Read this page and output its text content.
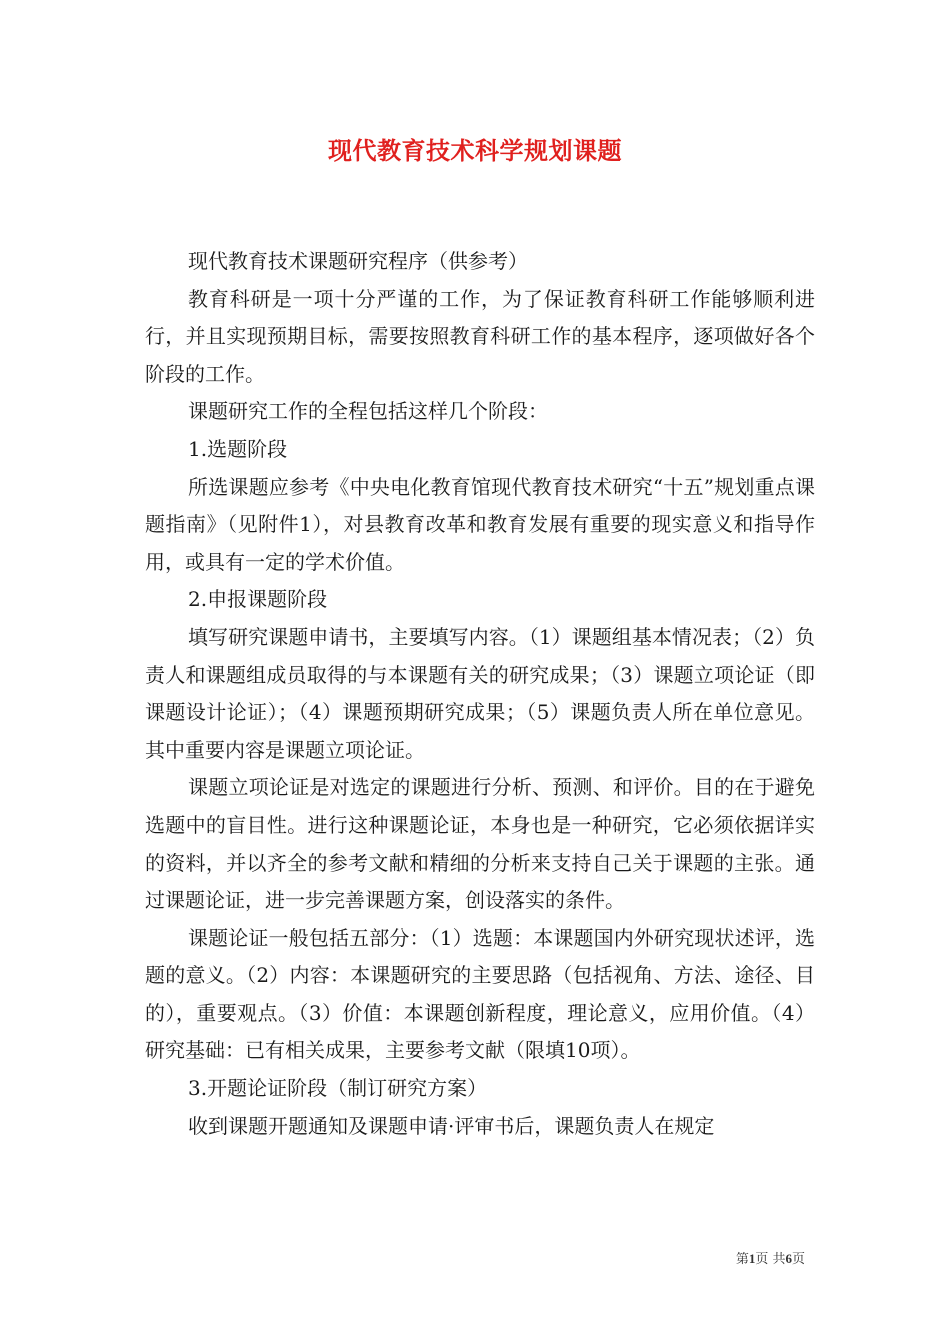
现代教育技术科学规划课题

现代教育技术课题研究程序（供参考）

教育科研是一项十分严谨的工作，为了保证教育科研工作能够顺利进行，并且实现预期目标，需要按照教育科研工作的基本程序，逐项做好各个阶段的工作。

课题研究工作的全程包括这样几个阶段：

1.选题阶段

所选课题应参考《中央电化教育馆现代教育技术研究“十五”规划重点课题指南》（见附件1），对县教育改革和教育发展有重要的现实意义和指导作用，或具有一定的学术价值。

2.申报课题阶段

填写研究课题申请书，主要填写内容。（1）课题组基本情况表；（2）负责人和课题组成员取得的与本课题有关的研究成果；（3）课题立项论证（即课题设计论证）；（4）课题预期研究成果；（5）课题负责人所在单位意见。其中重要内容是课题立项论证。

课题立项论证是对选定的课题进行分析、预测、和评价。目的在于避免选题中的盲目性。进行这种课题论证，本身也是一种研究，它必须依据详实的资料，并以齐全的参考文献和精细的分析来支持自己关于课题的主张。通过课题论证，进一步完善课题方案，创设落实的条件。

课题论证一般包括五部分：（1）选题：本课题国内外研究现状述评，选题的意义。（2）内容：本课题研究的主要思路（包括视角、方法、途径、目的），重要观点。（3）价值：本课题创新程度，理论意义，应用价值。（4）研究基础：已有相关成果，主要参考文献（限填10项）。

3.开题论证阶段（制订研究方案）

收到课题开题通知及课题申请·评审书后，课题负责人在规定

第1页 共6页
